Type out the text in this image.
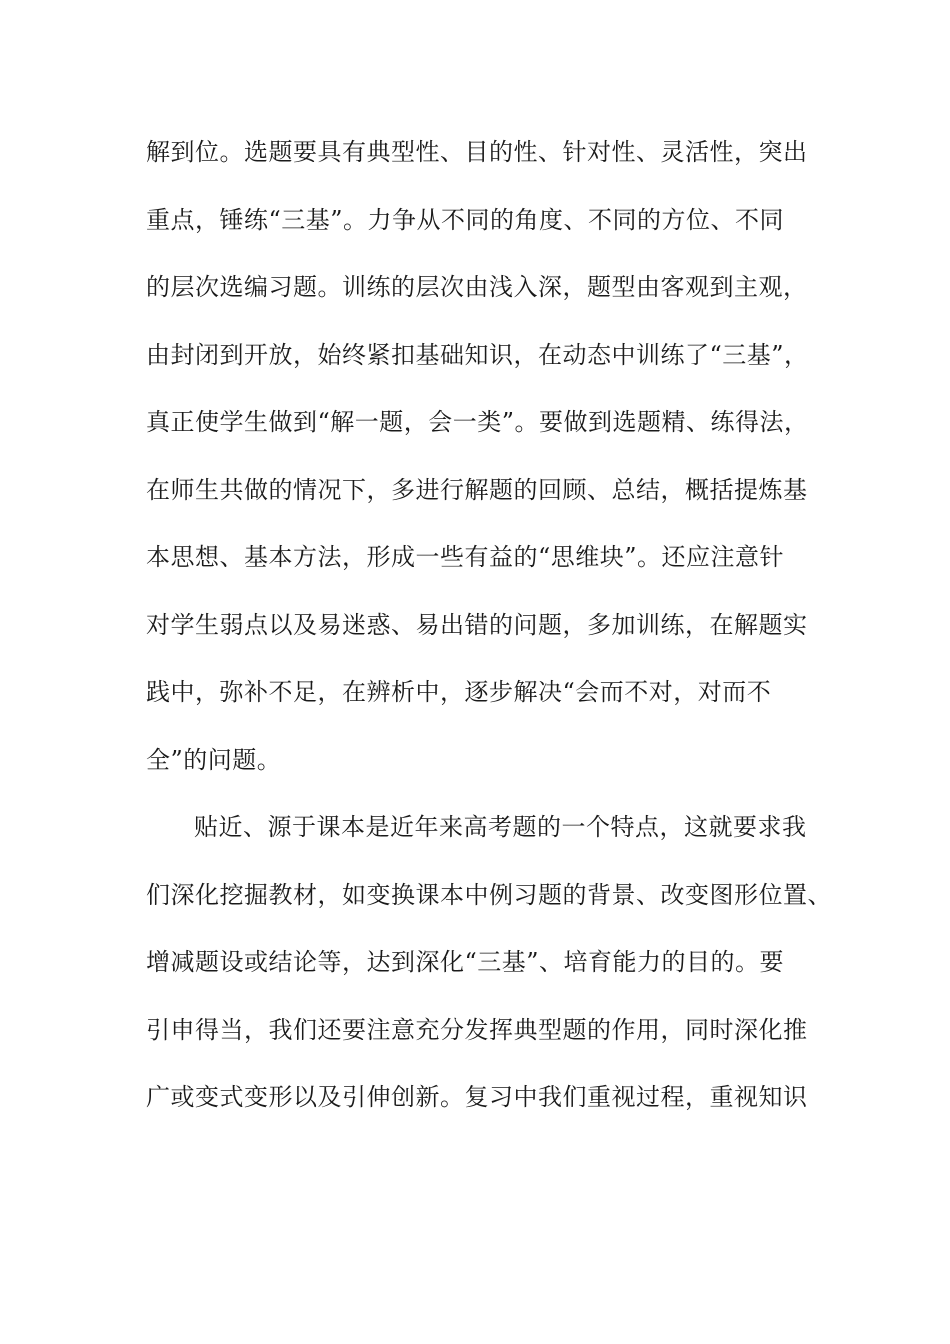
解到位。选题要具有典型性、目的性、针对性、灵活性，突出
重点，锤练“三基”。力争从不同的角度、不同的方位、不同
的层次选编习题。训练的层次由浅入深，题型由客观到主观，
由封闭到开放，始终紧扣基础知识，在动态中训练了“三基”，
真正使学生做到“解一题，会一类”。要做到选题精、练得法，
在师生共做的情况下，多进行解题的回顾、总结，概括提炼基
本思想、基本方法，形成一些有益的“思维块”。还应注意针
对学生弱点以及易迷惑、易出错的问题，多加训练，在解题实
践中，弥补不足，在辨析中，逐步解决“会而不对，对而不
全”的问题。
贴近、源于课本是近年来高考题的一个特点，这就要求我
们深化挖掘教材，如变换课本中例习题的背景、改变图形位置、
增减题设或结论等，达到深化“三基”、培育能力的目的。要
引申得当，我们还要注意充分发挥典型题的作用，同时深化推
广或变式变形以及引伸创新。复习中我们重视过程，重视知识
